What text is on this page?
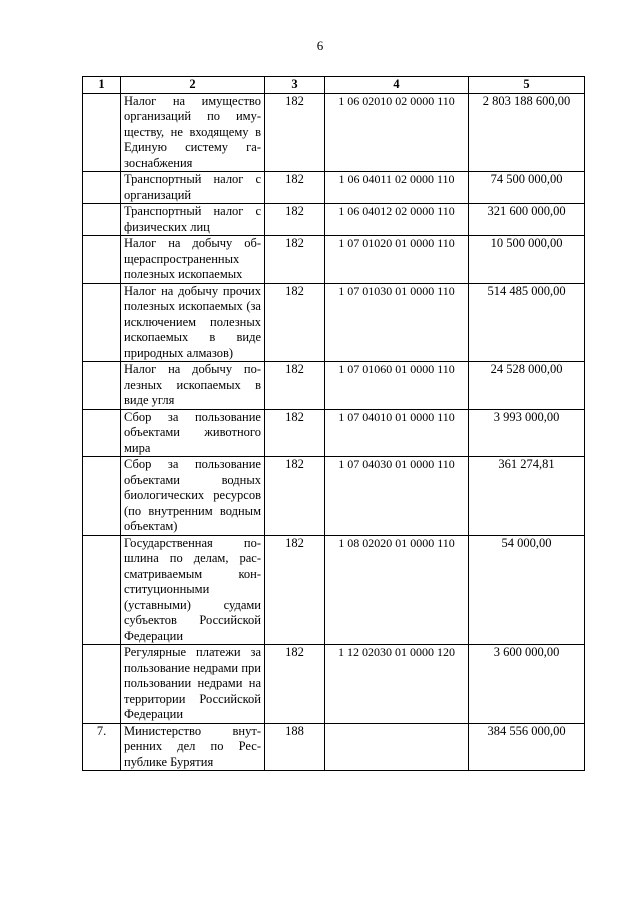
6
1	2	3	4	5
	Налог на имущество организаций по имуществу, не входящему в Единую систему газоснабжения	182	1 06 02010 02 0000 110	2 803 188 600,00
	Транспортный налог с организаций	182	1 06 04011 02 0000 110	74 500 000,00
	Транспортный налог с физических лиц	182	1 06 04012 02 0000 110	321 600 000,00
	Налог на добычу общераспространенных полезных ископаемых	182	1 07 01020 01 0000 110	10 500 000,00
	Налог на добычу прочих полезных ископаемых (за исключением полезных ископаемых в виде природных алмазов)	182	1 07 01030 01 0000 110	514 485 000,00
	Налог на добычу полезных ископаемых в виде угля	182	1 07 01060 01 0000 110	24 528 000,00
	Сбор за пользование объектами животного мира	182	1 07 04010 01 0000 110	3 993 000,00
	Сбор за пользование объектами водных биологических ресурсов (по внутренним водным объектам)	182	1 07 04030 01 0000 110	361 274,81
	Государственная пошлина по делам, рассматриваемым конституционными (уставными) судами субъектов Российской Федерации	182	1 08 02020 01 0000 110	54 000,00
	Регулярные платежи за пользование недрами при пользовании недрами на территории Российской Федерации	182	1 12 02030 01 0000 120	3 600 000,00
7.	Министерство внутренних дел по Республике Бурятия	188		384 556 000,00
